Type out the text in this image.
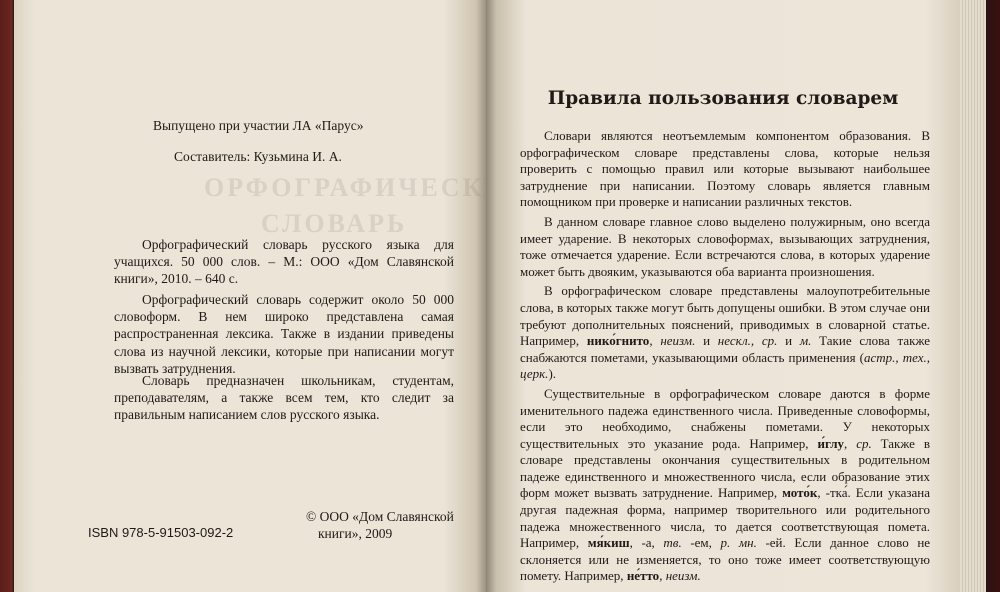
ОРФОГРАФИЧЕСКИЙ СЛОВАРЬ
Выпущено при участии ЛА «Парус»
Составитель: Кузьмина И. А.

Орфографический словарь русского языка для учащихся. 50 000 слов. – М.: ООО «Дом Славянской книги», 2010. – 640 с.

Орфографический словарь содержит около 50 000 словоформ. В нем широко представлена самая распространенная лексика. Также в издании приведены слова из научной лексики, которые при написании могут вызвать затруднения.

Словарь предназначен школьникам, студентам, преподавателям, а также всем тем, кто следит за правильным написанием слов русского языка.

ISBN 978-5-91503-092-2
© ООО «Дом Славянской
книги», 2009
Правила пользования словарем

Словари являются неотъемлемым компонентом образования. В орфографическом словаре представлены слова, которые нельзя проверить с помощью правил или которые вызывают наибольшее затруднение при написании. Поэтому словарь является главным помощником при проверке и написании различных текстов.

В данном словаре главное слово выделено полужирным, оно всегда имеет ударение. В некоторых словоформах, вызывающих затруднения, тоже отмечается ударение. Если встречаются слова, в которых ударение может быть двояким, указываются оба варианта произношения.

В орфографическом словаре представлены малоупотребительные слова, в которых также могут быть допущены ошибки. В этом случае они требуют дополнительных пояснений, приводимых в словарной статье. Например, нико́гнито, неизм. и нескл., ср. и м. Такие слова также снабжаются пометами, указывающими область применения (астр., тех., церк.).

Существительные в орфографическом словаре даются в форме именительного падежа единственного числа. Приведенные словоформы, если это необходимо, снабжены пометами. У некоторых существительных это указание рода. Например, и́глу, ср. Также в словаре представлены окончания существительных в родительном падеже единственного и множественного числа, если образование этих форм может вызвать затруднение. Например, мото́к, -тка́. Если указана другая падежная форма, например творительного или родительного падежа множественного числа, то дается соответствующая помета. Например, мя́киш, -а, тв. -ем, р. мн. -ей. Если данное слово не склоняется или не изменяется, то оно тоже имеет соответствующую помету. Например, не́тто, неизм.
